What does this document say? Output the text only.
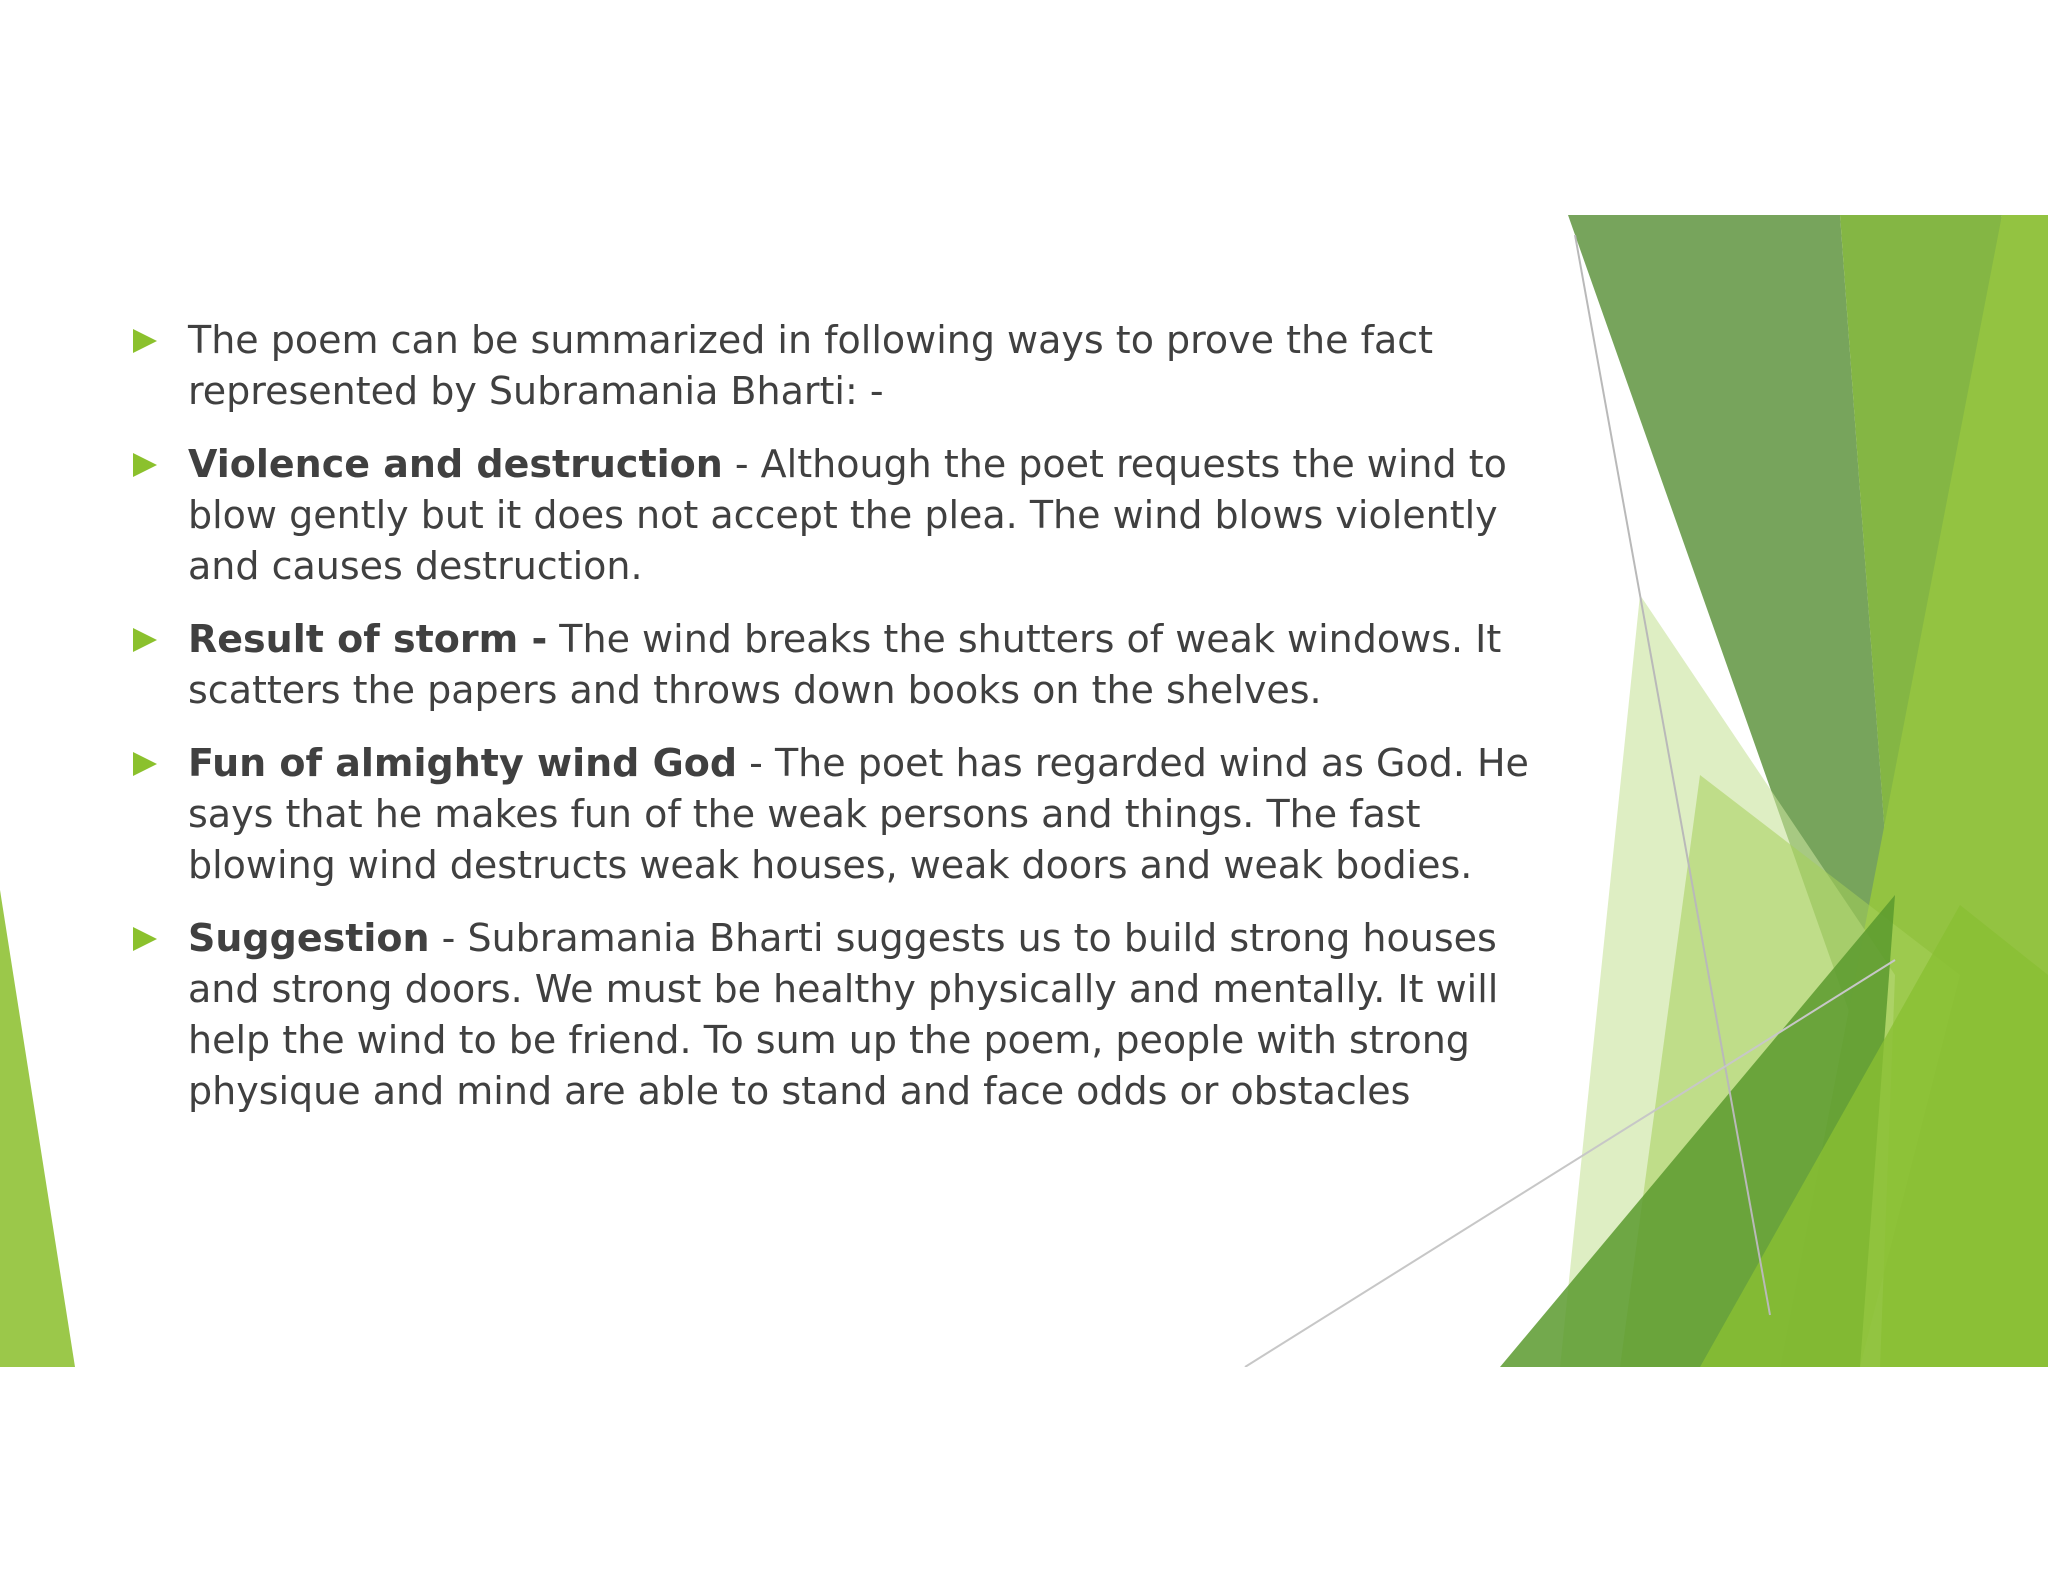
The poem can be summarized in following ways to prove the fact represented by Subramania Bharti: -
Violence and destruction - Although the poet requests the wind to blow gently but it does not accept the plea. The wind blows violently and causes destruction.
Result of storm - The wind breaks the shutters of weak windows. It scatters the papers and throws down books on the shelves.
Fun of almighty wind God - The poet has regarded wind as God. He says that he makes fun of the weak persons and things. The fast blowing wind destructs weak houses, weak doors and weak bodies.
Suggestion - Subramania Bharti suggests us to build strong houses and strong doors. We must be healthy physically and mentally. It will help the wind to be friend. To sum up the poem, people with strong physique and mind are able to stand and face odds or obstacles
